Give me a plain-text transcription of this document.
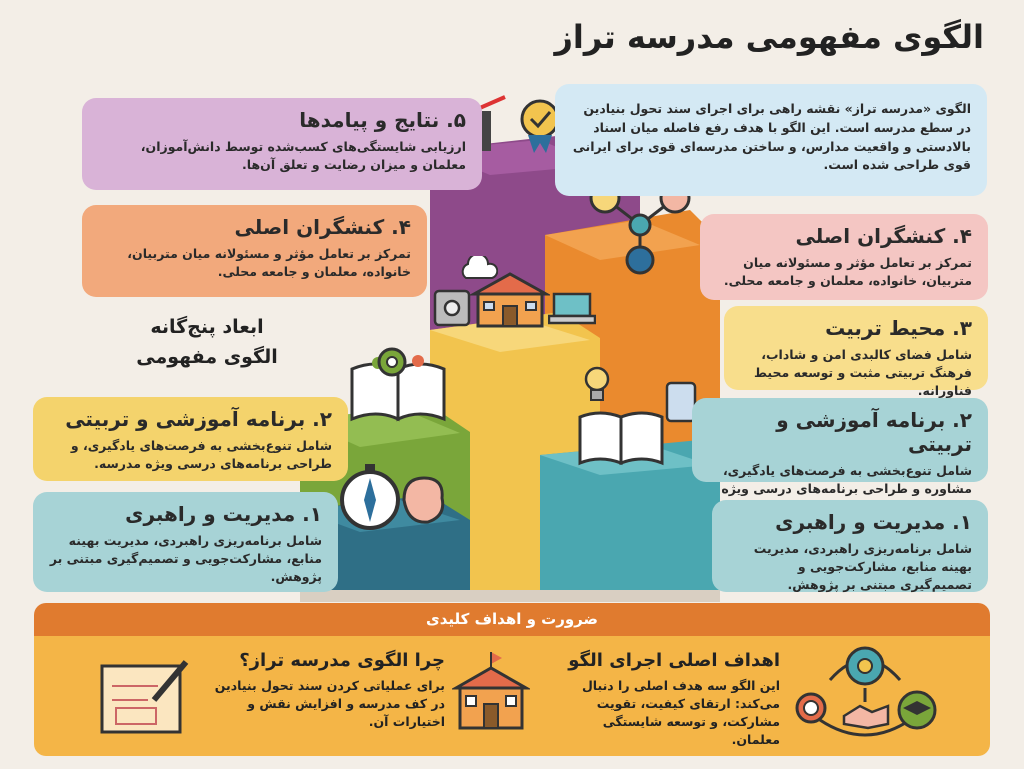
الگوی مفهومی مدرسه تراز

الگوی «مدرسه تراز» نقشه راهی برای اجرای سند تحول بنیادین در سطع مدرسه است. این الگو با هدف رفع فاصله میان اسناد بالادستی و واقعیت مدارس، و ساختن مدرسه‌ای قوی برای ایرانی قوی طراحی شده است.

۵. نتایج و پیامدها

ارزیابی شایستگی‌های کسب‌شده توسط دانش‌آموزان، معلمان و میزان رضایت و تعلق آن‌ها.

۴. کنشگران اصلی

تمرکز بر تعامل مؤثر و مسئولانه میان متربیان، خانواده، معلمان و جامعه محلی.

ابعاد پنج‌گانه
الگوی مفهومی
۲. برنامه آموزشی و تربیتی

شامل تنوع‌بخشی به فرصت‌های یادگیری، و طراحی برنامه‌های درسی ویژه مدرسه.

۱. مدیریت و راهبری

شامل برنامه‌ریزی راهبردی، مدیریت بهینه منابع، مشارکت‌جویی و تصمیم‌گیری مبتنی بر پژوهش.

۴. کنشگران اصلی

تمرکز بر تعامل مؤثر و مسئولانه میان متربیان، خانواده، معلمان و جامعه محلی.

۳. محیط تربیت

شامل فضای کالبدی امن و شاداب، فرهنگ تربیتی مثبت و توسعه محیط فناورانه.

۲. برنامه آموزشی و تربیتی

شامل تنوع‌بخشی به فرصت‌های یادگیری، مشاوره و طراحی برنامه‌های درسی ویژه

۱. مدیریت و راهبری

شامل برنامه‌ریزی راهبردی، مدیریت بهینه منابع، مشارکت‌جویی و تصمیم‌گیری مبتنی بر پژوهش.

ضرورت و اهداف کلیدی
چرا الگوی مدرسه تراز؟

برای عملیاتی کردن سند تحول بنیادین در کف مدرسه و افزایش نقش و اختیارات آن.

اهداف اصلی اجرای الگو

این الگو سه هدف اصلی را دنبال می‌کند: ارتقای کیفیت، تقویت مشارکت، و توسعه شایستگی معلمان.
